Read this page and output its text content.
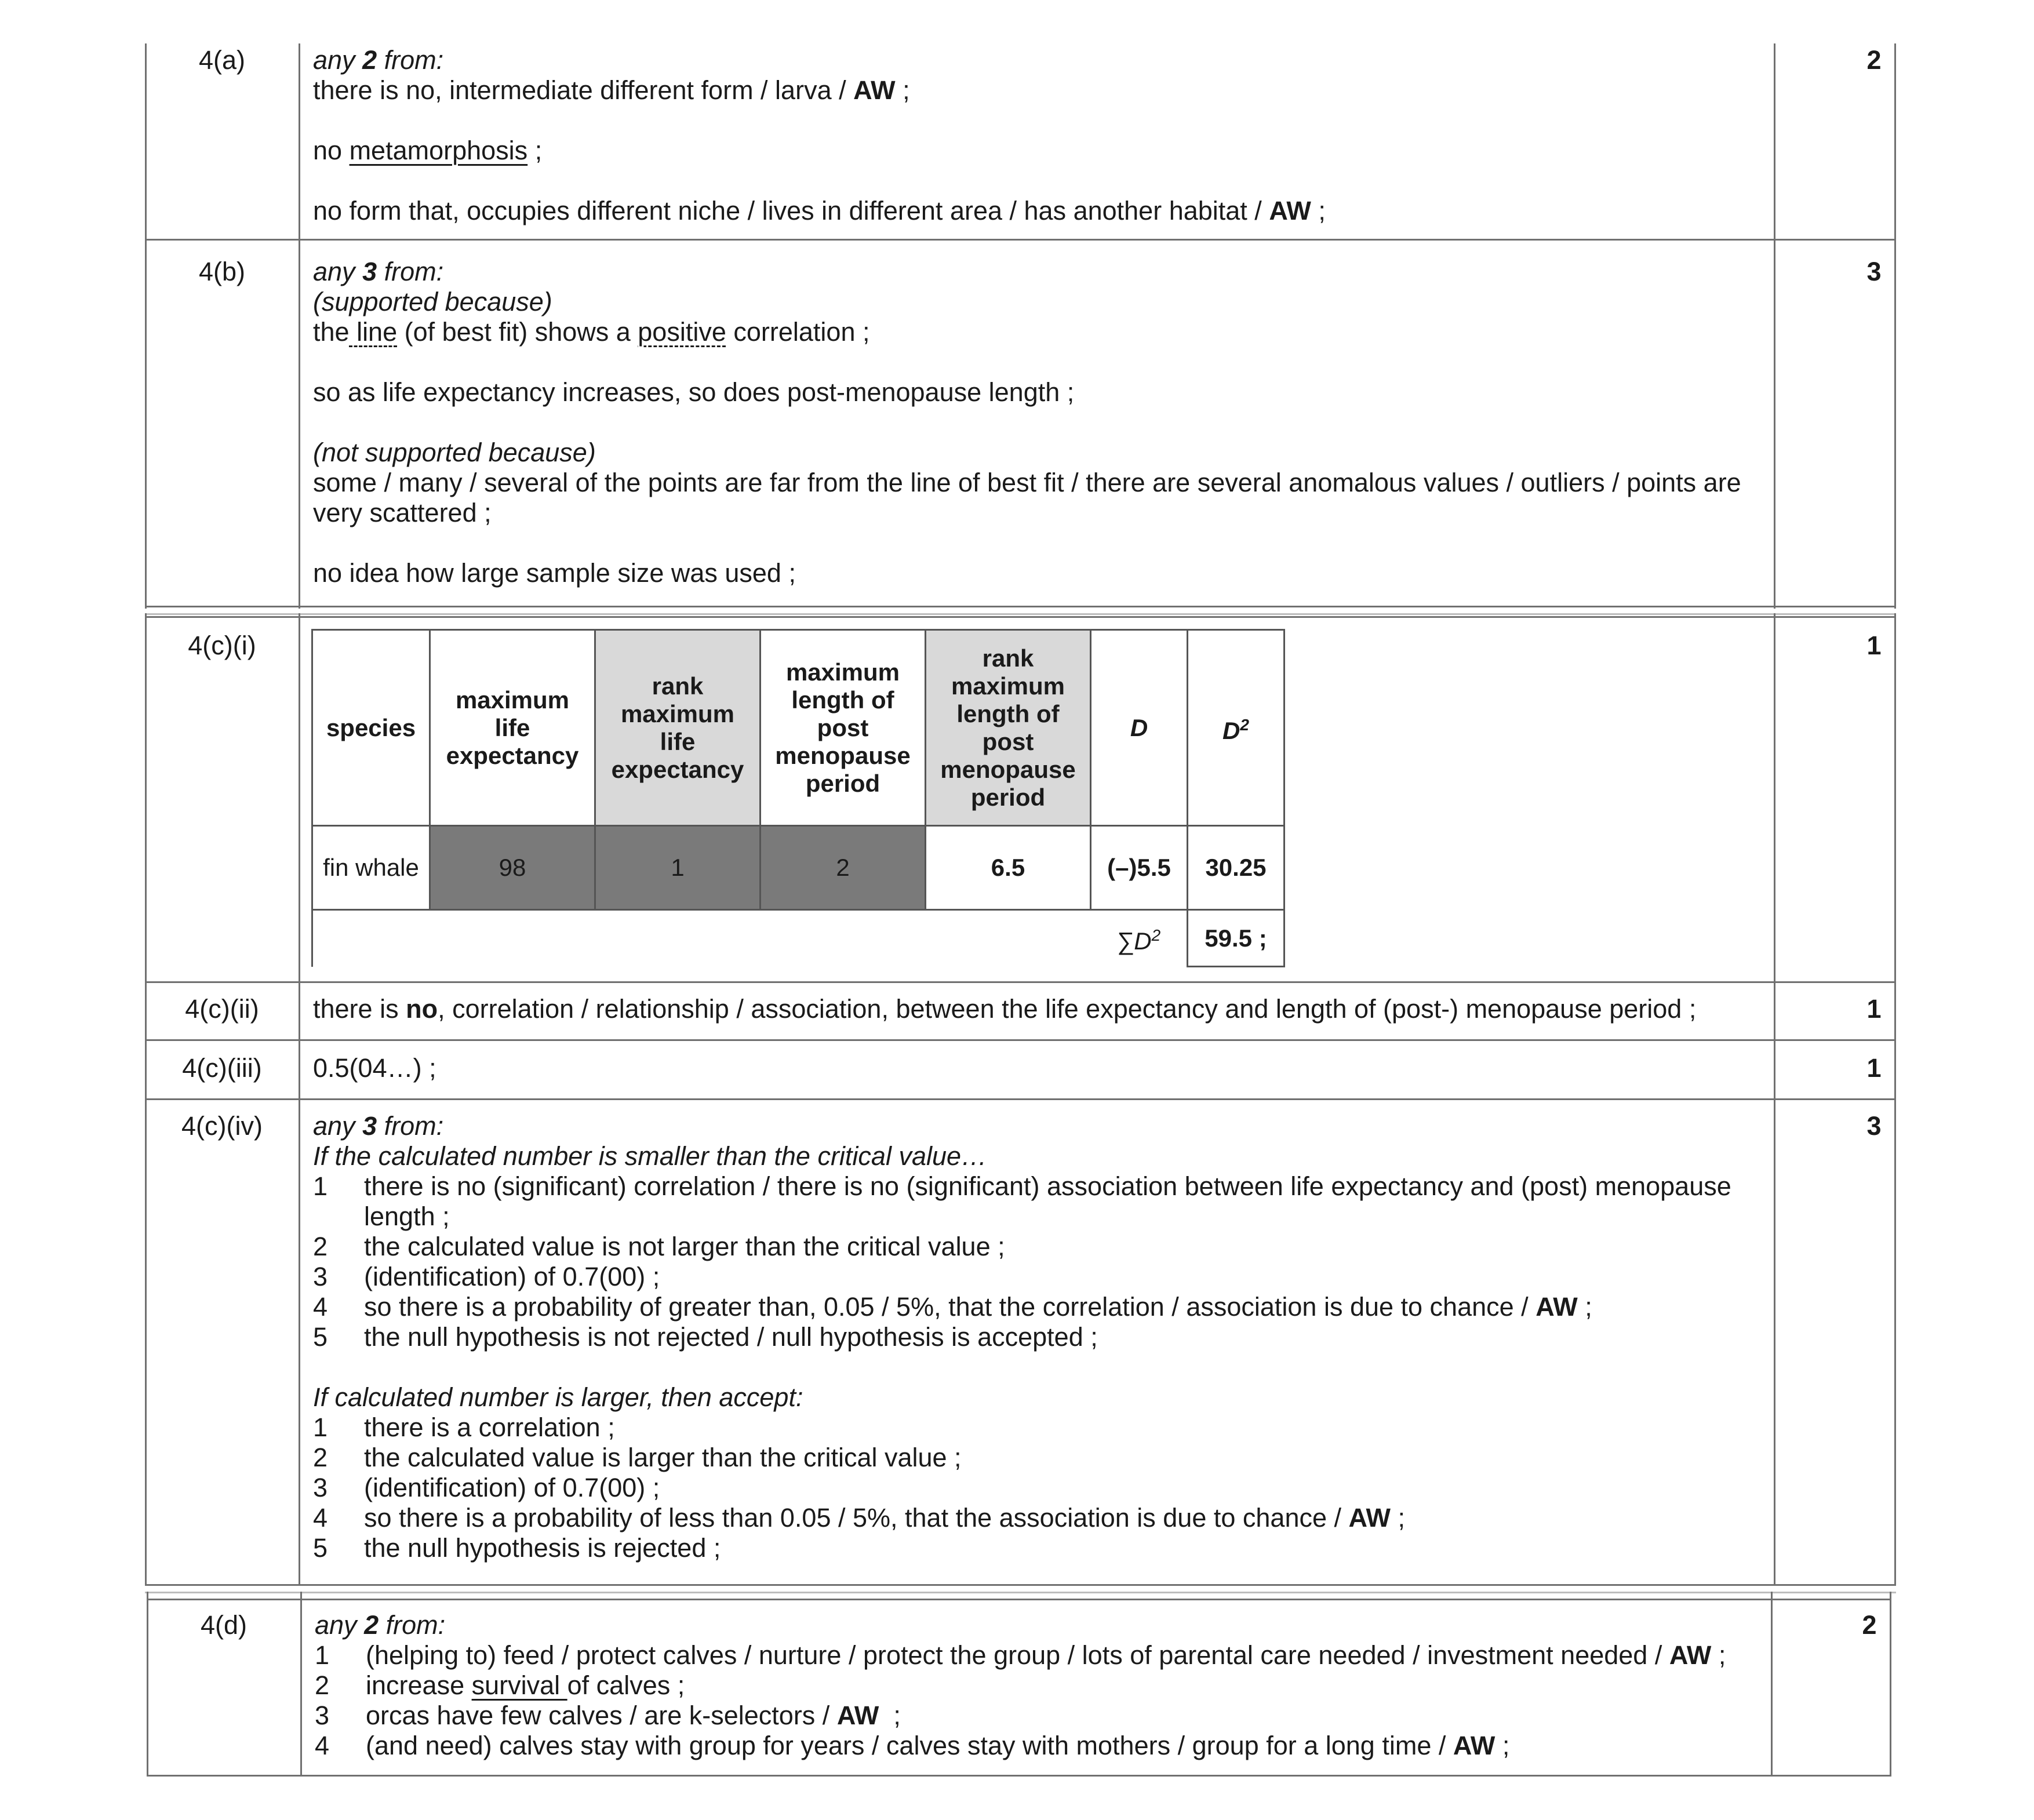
4(a)	2
any 2 from:
there is no, intermediate different form / larva / AW ;
no metamorphosis ;
no form that, occupies different niche / lives in different area / has another habitat / AW ;
4(b)	3
any 3 from:
(supported because)
the line (of best fit) shows a positive correlation ;
so as life expectancy increases, so does post-menopause length ;
(not supported because)
some / many / several of the points are far from the line of best fit / there are several anomalous values / outliers / points are very scattered ;
no idea how large sample size was used ;
4(c)(i)	1
species	maximum life expectancy	rank maximum life expectancy	maximum length of post menopause period	rank maximum length of post menopause period	D	$D^2$
fin whale	98	1	2	6.5	(–)5.5	30.25
					$\sum D^2$	59.5 ;
4(c)(ii)	1
there is no, correlation / relationship / association, between the life expectancy and length of (post-) menopause period ;
4(c)(iii)	1
0.5(04…) ;
4(c)(iv)	3
any 3 from:
If the calculated number is smaller than the critical value…
1	there is no (significant) correlation / there is no (significant) association between life expectancy and (post) menopause length ;
2	the calculated value is not larger than the critical value ;
3	(identification) of 0.7(00) ;
4	so there is a probability of greater than, 0.05 / 5%, that the correlation / association is due to chance / AW ;
5	the null hypothesis is not rejected / null hypothesis is accepted ;
If calculated number is larger, then accept:
1	there is a correlation ;
2	the calculated value is larger than the critical value ;
3	(identification) of 0.7(00) ;
4	so there is a probability of less than 0.05 / 5%, that the association is due to chance / AW ;
5	the null hypothesis is rejected ;
4(d)	2
any 2 from:
1	(helping to) feed / protect calves / nurture / protect the group / lots of parental care needed / investment needed / AW ;
2	increase survival of calves ;
3	orcas have few calves / are k-selectors / AW  ;
4	(and need) calves stay with group for years / calves stay with mothers / group for a long time / AW ;
